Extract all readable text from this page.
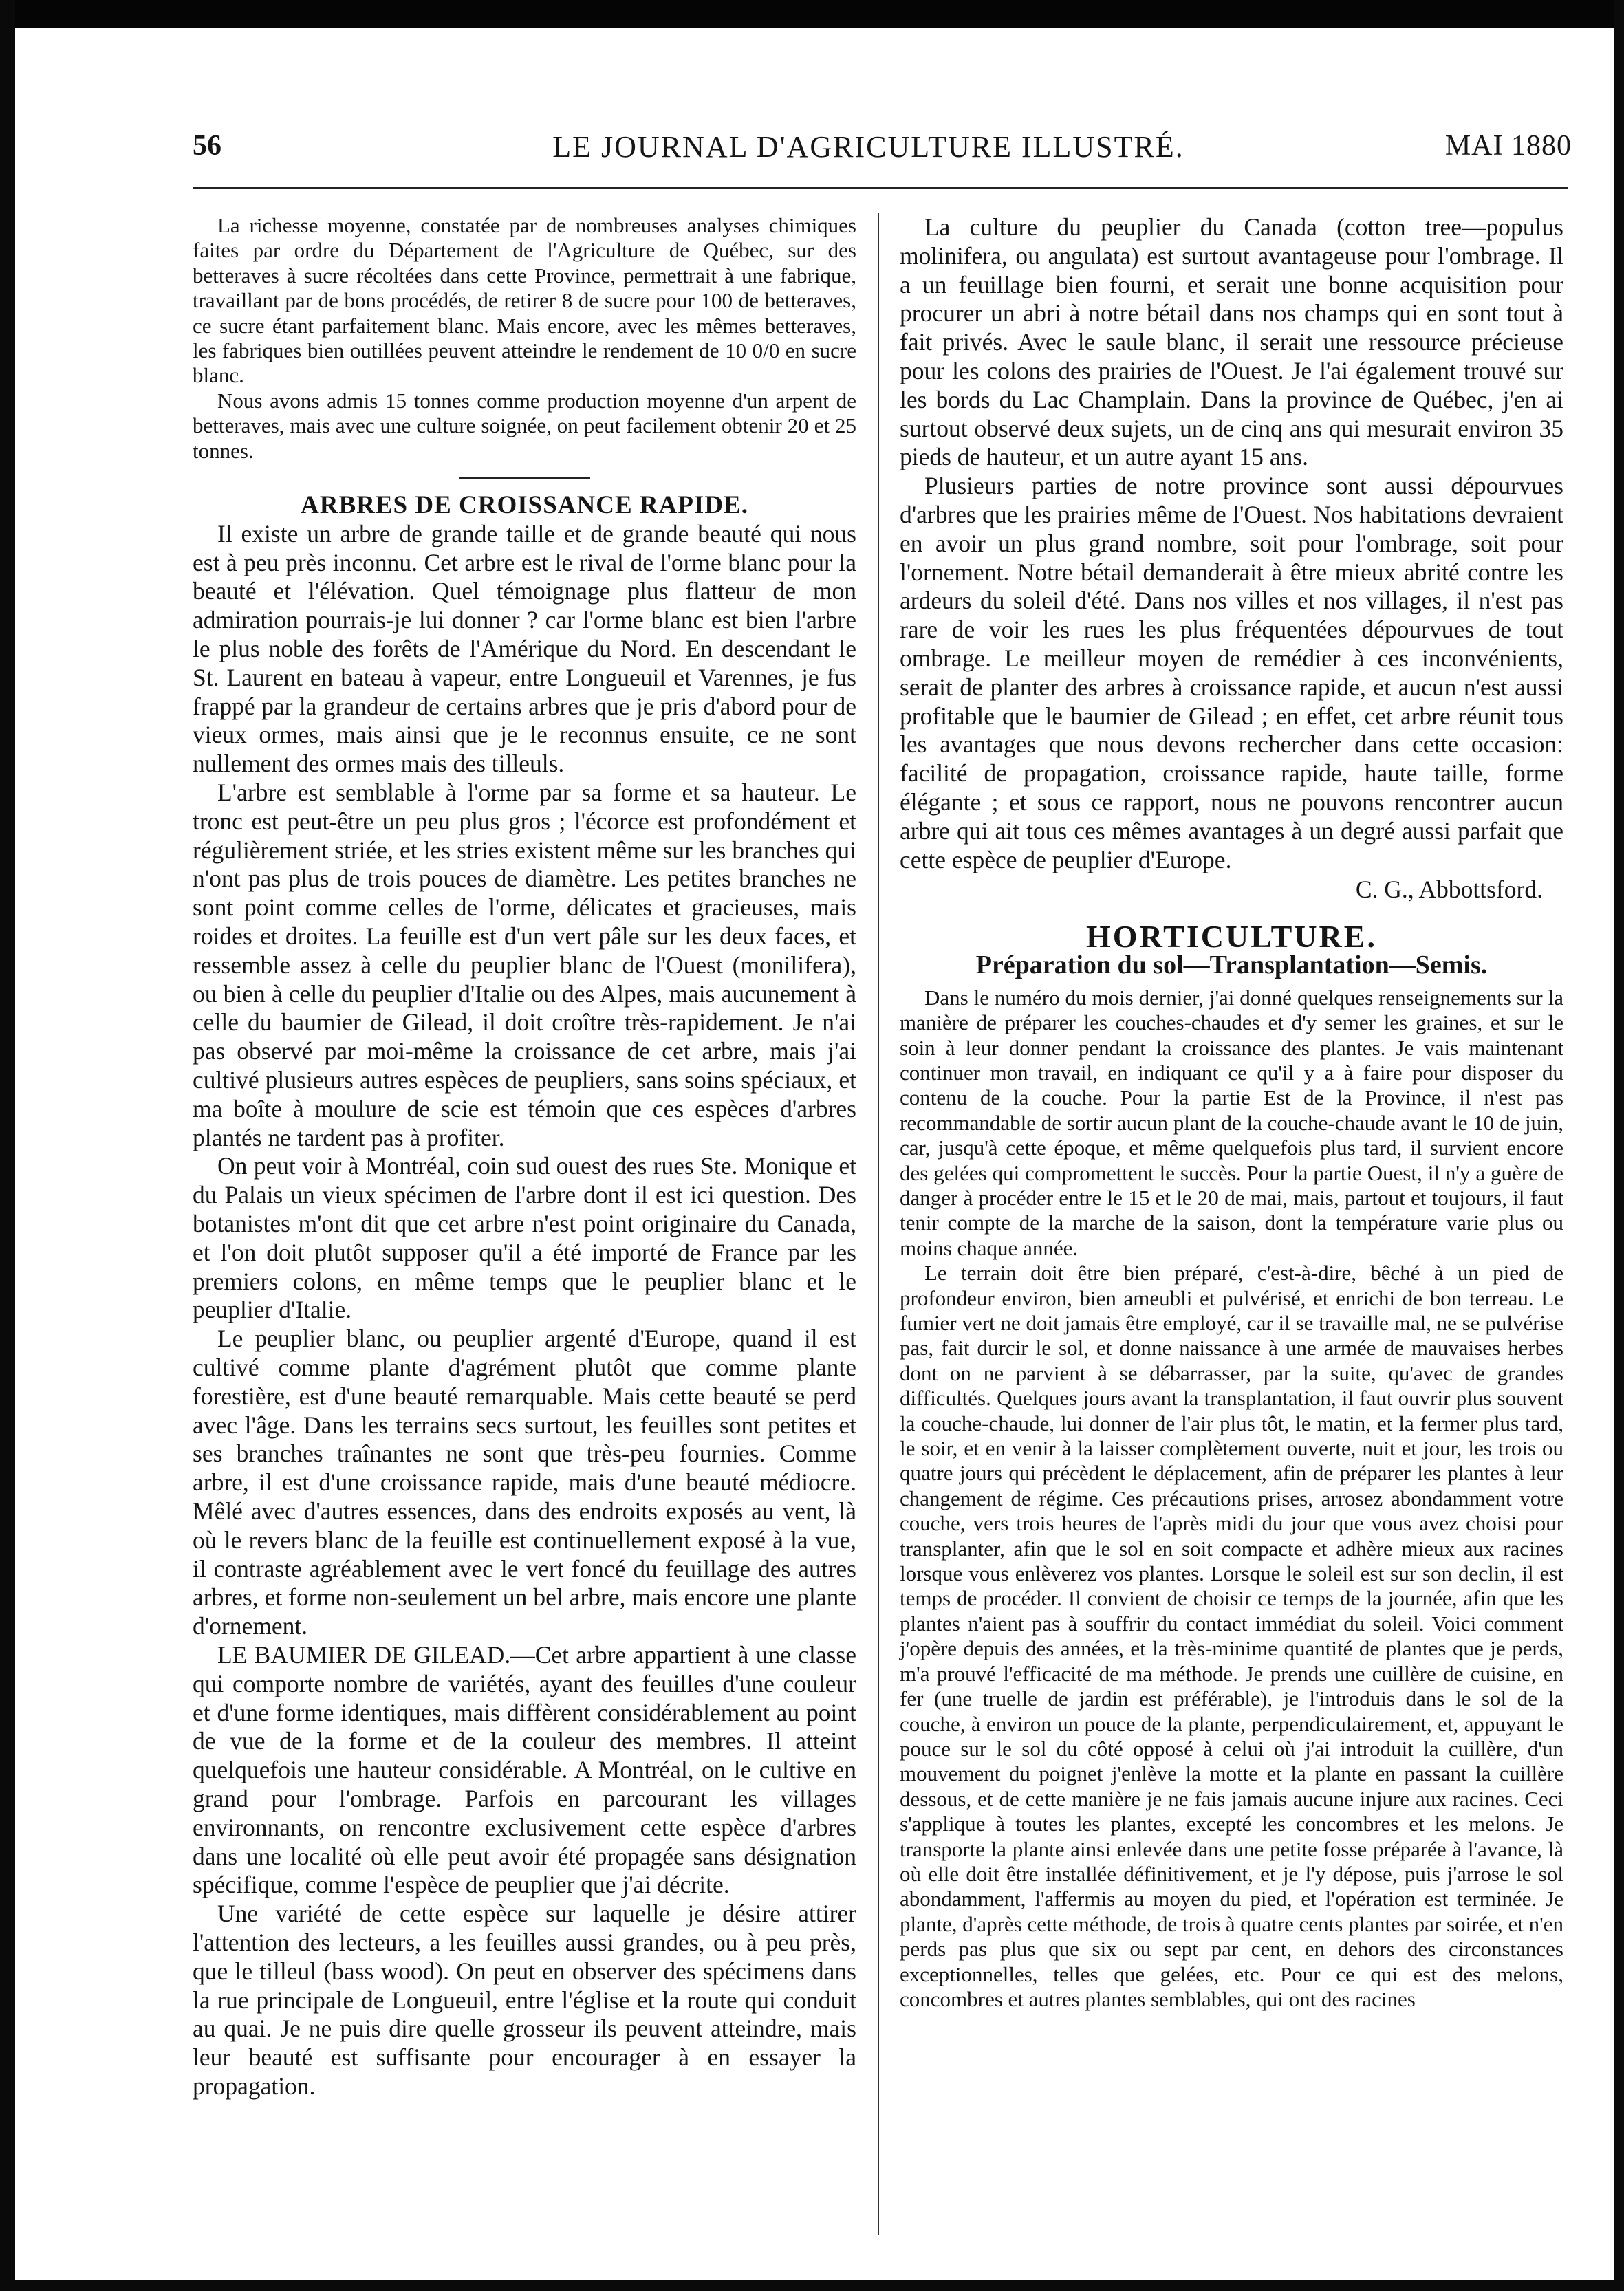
56	LE JOURNAL D'AGRICULTURE ILLUSTRÉ.	MAI 1880

La richesse moyenne, constatée par de nombreuses analyses chimiques faites par ordre du Département de l'Agriculture de Québec, sur des betteraves à sucre récoltées dans cette Province, permettrait à une fabrique, travaillant par de bons procédés, de retirer 8 de sucre pour 100 de betteraves, ce sucre étant parfaitement blanc. Mais encore, avec les mêmes betteraves, les fabriques bien outillées peuvent atteindre le rendement de 10 0/0 en sucre blanc.

Nous avons admis 15 tonnes comme production moyenne d'un arpent de betteraves, mais avec une culture soignée, on peut facilement obtenir 20 et 25 tonnes.

ARBRES DE CROISSANCE RAPIDE.

Il existe un arbre de grande taille et de grande beauté qui nous est à peu près inconnu. Cet arbre est le rival de l'orme blanc pour la beauté et l'élévation. Quel témoignage plus flatteur de mon admiration pourrais-je lui donner ? car l'orme blanc est bien l'arbre le plus noble des forêts de l'Amérique du Nord. En descendant le St. Laurent en bateau à vapeur, entre Longueuil et Varennes, je fus frappé par la grandeur de certains arbres que je pris d'abord pour de vieux ormes, mais ainsi que je le reconnus ensuite, ce ne sont nullement des ormes mais des tilleuls.

L'arbre est semblable à l'orme par sa forme et sa hauteur. Le tronc est peut-être un peu plus gros ; l'écorce est profondément et régulièrement striée, et les stries existent même sur les branches qui n'ont pas plus de trois pouces de diamètre. Les petites branches ne sont point comme celles de l'orme, délicates et gracieuses, mais roides et droites. La feuille est d'un vert pâle sur les deux faces, et ressemble assez à celle du peuplier blanc de l'Ouest (monilifera), ou bien à celle du peuplier d'Italie ou des Alpes, mais aucunement à celle du baumier de Gilead, il doit croître très-rapidement. Je n'ai pas observé par moi-même la croissance de cet arbre, mais j'ai cultivé plusieurs autres espèces de peupliers, sans soins spéciaux, et ma boîte à moulure de scie est témoin que ces espèces d'arbres plantés ne tardent pas à profiter.

On peut voir à Montréal, coin sud ouest des rues Ste. Monique et du Palais un vieux spécimen de l'arbre dont il est ici question. Des botanistes m'ont dit que cet arbre n'est point originaire du Canada, et l'on doit plutôt supposer qu'il a été importé de France par les premiers colons, en même temps que le peuplier blanc et le peuplier d'Italie.

Le peuplier blanc, ou peuplier argenté d'Europe, quand il est cultivé comme plante d'agrément plutôt que comme plante forestière, est d'une beauté remarquable. Mais cette beauté se perd avec l'âge. Dans les terrains secs surtout, les feuilles sont petites et ses branches traînantes ne sont que très-peu fournies. Comme arbre, il est d'une croissance rapide, mais d'une beauté médiocre. Mêlé avec d'autres essences, dans des endroits exposés au vent, là où le revers blanc de la feuille est continuellement exposé à la vue, il contraste agréablement avec le vert foncé du feuillage des autres arbres, et forme non-seulement un bel arbre, mais encore une plante d'ornement.

LE BAUMIER DE GILEAD.—Cet arbre appartient à une classe qui comporte nombre de variétés, ayant des feuilles d'une couleur et d'une forme identiques, mais diffèrent considérablement au point de vue de la forme et de la couleur des membres. Il atteint quelquefois une hauteur considérable. A Montréal, on le cultive en grand pour l'ombrage. Parfois en parcourant les villages environnants, on rencontre exclusivement cette espèce d'arbres dans une localité où elle peut avoir été propagée sans désignation spécifique, comme l'espèce de peuplier que j'ai décrite.

Une variété de cette espèce sur laquelle je désire attirer l'attention des lecteurs, a les feuilles aussi grandes, ou à peu près, que le tilleul (bass wood). On peut en observer des spécimens dans la rue principale de Longueuil, entre l'église et la route qui conduit au quai. Je ne puis dire quelle grosseur ils peuvent atteindre, mais leur beauté est suffisante pour encourager à en essayer la propagation.

La culture du peuplier du Canada (cotton tree—populus molinifera, ou angulata) est surtout avantageuse pour l'ombrage. Il a un feuillage bien fourni, et serait une bonne acquisition pour procurer un abri à notre bétail dans nos champs qui en sont tout à fait privés. Avec le saule blanc, il serait une ressource précieuse pour les colons des prairies de l'Ouest. Je l'ai également trouvé sur les bords du Lac Champlain. Dans la province de Québec, j'en ai surtout observé deux sujets, un de cinq ans qui mesurait environ 35 pieds de hauteur, et un autre ayant 15 ans.

Plusieurs parties de notre province sont aussi dépourvues d'arbres que les prairies même de l'Ouest. Nos habitations devraient en avoir un plus grand nombre, soit pour l'ombrage, soit pour l'ornement. Notre bétail demanderait à être mieux abrité contre les ardeurs du soleil d'été. Dans nos villes et nos villages, il n'est pas rare de voir les rues les plus fréquentées dépourvues de tout ombrage. Le meilleur moyen de remédier à ces inconvénients, serait de planter des arbres à croissance rapide, et aucun n'est aussi profitable que le baumier de Gilead ; en effet, cet arbre réunit tous les avantages que nous devons rechercher dans cette occasion: facilité de propagation, croissance rapide, haute taille, forme élégante ; et sous ce rapport, nous ne pouvons rencontrer aucun arbre qui ait tous ces mêmes avantages à un degré aussi parfait que cette espèce de peuplier d'Europe.

C. G., Abbottsford.
HORTICULTURE.
Préparation du sol—Transplantation—Semis.

Dans le numéro du mois dernier, j'ai donné quelques renseignements sur la manière de préparer les couches-chaudes et d'y semer les graines, et sur le soin à leur donner pendant la croissance des plantes. Je vais maintenant continuer mon travail, en indiquant ce qu'il y a à faire pour disposer du contenu de la couche. Pour la partie Est de la Province, il n'est pas recommandable de sortir aucun plant de la couche-chaude avant le 10 de juin, car, jusqu'à cette époque, et même quelquefois plus tard, il survient encore des gelées qui compromettent le succès. Pour la partie Ouest, il n'y a guère de danger à procéder entre le 15 et le 20 de mai, mais, partout et toujours, il faut tenir compte de la marche de la saison, dont la température varie plus ou moins chaque année.

Le terrain doit être bien préparé, c'est-à-dire, bêché à un pied de profondeur environ, bien ameubli et pulvérisé, et enrichi de bon terreau. Le fumier vert ne doit jamais être employé, car il se travaille mal, ne se pulvérise pas, fait durcir le sol, et donne naissance à une armée de mauvaises herbes dont on ne parvient à se débarrasser, par la suite, qu'avec de grandes difficultés. Quelques jours avant la transplantation, il faut ouvrir plus souvent la couche-chaude, lui donner de l'air plus tôt, le matin, et la fermer plus tard, le soir, et en venir à la laisser complètement ouverte, nuit et jour, les trois ou quatre jours qui précèdent le déplacement, afin de préparer les plantes à leur changement de régime. Ces précautions prises, arrosez abondamment votre couche, vers trois heures de l'après midi du jour que vous avez choisi pour transplanter, afin que le sol en soit compacte et adhère mieux aux racines lorsque vous enlèverez vos plantes. Lorsque le soleil est sur son declin, il est temps de procéder. Il convient de choisir ce temps de la journée, afin que les plantes n'aient pas à souffrir du contact immédiat du soleil. Voici comment j'opère depuis des années, et la très-minime quantité de plantes que je perds, m'a prouvé l'efficacité de ma méthode. Je prends une cuillère de cuisine, en fer (une truelle de jardin est préférable), je l'introduis dans le sol de la couche, à environ un pouce de la plante, perpendiculairement, et, appuyant le pouce sur le sol du côté opposé à celui où j'ai introduit la cuillère, d'un mouvement du poignet j'enlève la motte et la plante en passant la cuillère dessous, et de cette manière je ne fais jamais aucune injure aux racines. Ceci s'applique à toutes les plantes, excepté les concombres et les melons. Je transporte la plante ainsi enlevée dans une petite fosse préparée à l'avance, là où elle doit être installée définitivement, et je l'y dépose, puis j'arrose le sol abondamment, l'affermis au moyen du pied, et l'opération est terminée. Je plante, d'après cette méthode, de trois à quatre cents plantes par soirée, et n'en perds pas plus que six ou sept par cent, en dehors des circonstances exceptionnelles, telles que gelées, etc. Pour ce qui est des melons, concombres et autres plantes semblables, qui ont des racines
